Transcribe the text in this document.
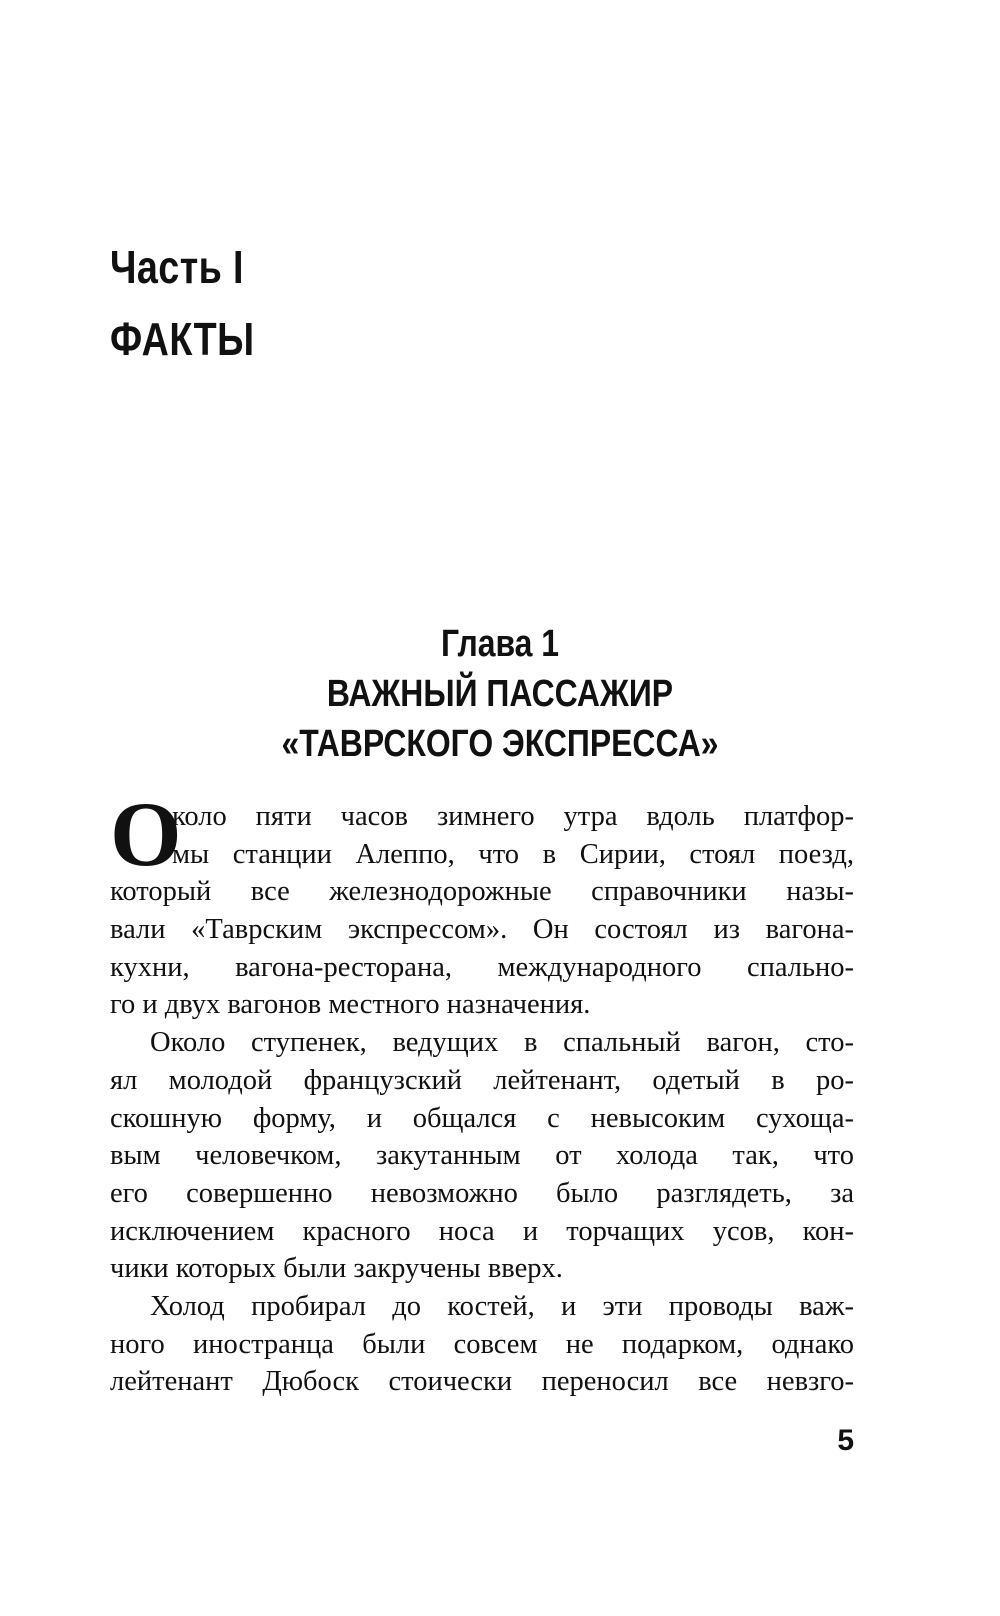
Часть I
ФАКТЫ
Глава 1
ВАЖНЫЙ ПАССАЖИР
«ТАВРСКОГО ЭКСПРЕССА»
О
коло пяти часов зимнего утра вдоль платфор-
мы станции Алеппо, что в Сирии, стоял поезд,
который все железнодорожные справочники назы-
вали «Таврским экспрессом». Он состоял из вагона-
кухни, вагона-ресторана, международного спально-
го и двух вагонов местного назначения.
Около ступенек, ведущих в спальный вагон, сто-
ял молодой французский лейтенант, одетый в ро-
скошную форму, и общался с невысоким сухоща-
вым человечком, закутанным от холода так, что
его совершенно невозможно было разглядеть, за
исключением красного носа и торчащих усов, кон-
чики которых были закручены вверх.
Холод пробирал до костей, и эти проводы важ-
ного иностранца были совсем не подарком, однако
лейтенант Дюбоск стоически переносил все невзго-
5
